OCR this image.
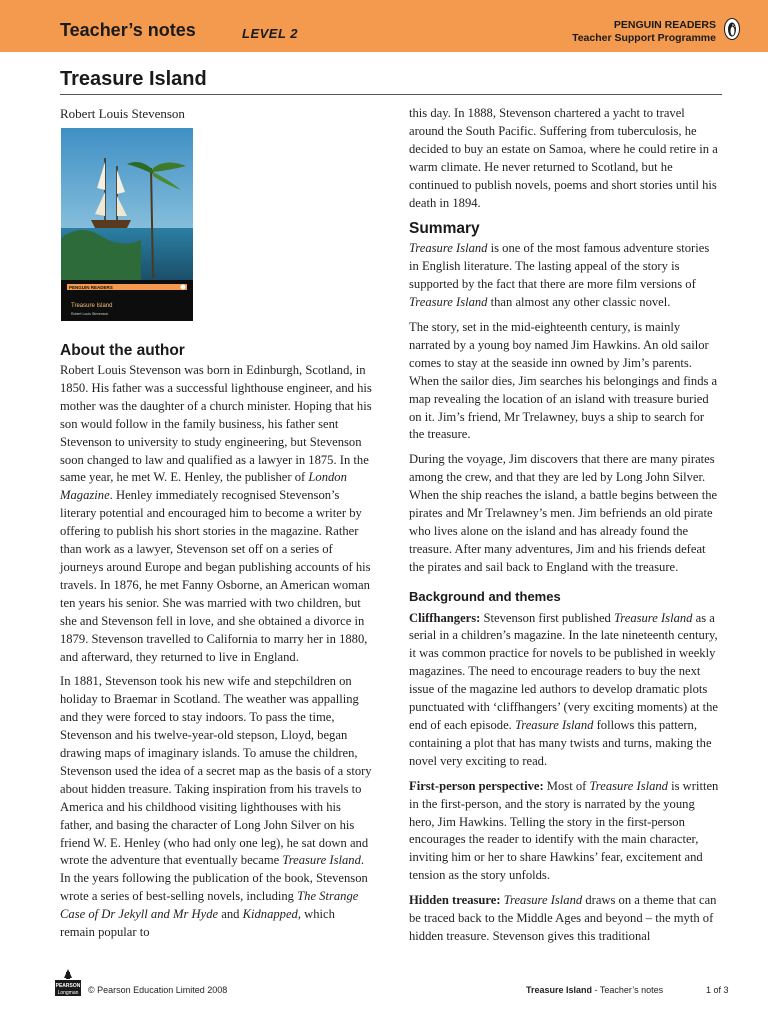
Teacher’s notes	LEVEL 2
PENGUIN READERS
Teacher Support Programme
Treasure Island
Robert Louis Stevenson
PENGUIN READERS
Treasure Island
Robert Louis Stevenson
About the author

Robert Louis Stevenson was born in Edinburgh, Scotland, in 1850. His father was a successful lighthouse engineer, and his mother was the daughter of a church minister. Hoping that his son would follow in the family business, his father sent Stevenson to university to study engineering, but Stevenson soon changed to law and qualified as a lawyer in 1875. In the same year, he met W. E. Henley, the publisher of London Magazine. Henley immediately recognised Stevenson’s literary potential and encouraged him to become a writer by offering to publish his short stories in the magazine. Rather than work as a lawyer, Stevenson set off on a series of journeys around Europe and began publishing accounts of his travels. In 1876, he met Fanny Osborne, an American woman ten years his senior. She was married with two children, but she and Stevenson fell in love, and she obtained a divorce in 1879. Stevenson travelled to California to marry her in 1880, and afterward, they returned to live in England.

In 1881, Stevenson took his new wife and stepchildren on holiday to Braemar in Scotland. The weather was appalling and they were forced to stay indoors. To pass the time, Stevenson and his twelve-year-old stepson, Lloyd, began drawing maps of imaginary islands. To amuse the children, Stevenson used the idea of a secret map as the basis of a story about hidden treasure. Taking inspiration from his travels to America and his childhood visiting lighthouses with his father, and basing the character of Long John Silver on his friend W. E. Henley (who had only one leg), he sat down and wrote the adventure that eventually became Treasure Island. In the years following the publication of the book, Stevenson wrote a series of best-selling novels, including The Strange Case of Dr Jekyll and Mr Hyde and Kidnapped, which remain popular to

this day. In 1888, Stevenson chartered a yacht to travel around the South Pacific. Suffering from tuberculosis, he decided to buy an estate on Samoa, where he could retire in a warm climate. He never returned to Scotland, but he continued to publish novels, poems and short stories until his death in 1894.

Summary

Treasure Island is one of the most famous adventure stories in English literature. The lasting appeal of the story is supported by the fact that there are more film versions of Treasure Island than almost any other classic novel.

The story, set in the mid-eighteenth century, is mainly narrated by a young boy named Jim Hawkins. An old sailor comes to stay at the seaside inn owned by Jim’s parents. When the sailor dies, Jim searches his belongings and finds a map revealing the location of an island with treasure buried on it. Jim’s friend, Mr Trelawney, buys a ship to search for the treasure.

During the voyage, Jim discovers that there are many pirates among the crew, and that they are led by Long John Silver. When the ship reaches the island, a battle begins between the pirates and Mr Trelawney’s men. Jim befriends an old pirate who lives alone on the island and has already found the treasure. After many adventures, Jim and his friends defeat the pirates and sail back to England with the treasure.

Background and themes

Cliffhangers: Stevenson first published Treasure Island as a serial in a children’s magazine. In the late nineteenth century, it was common practice for novels to be published in weekly magazines. The need to encourage readers to buy the next issue of the magazine led authors to develop dramatic plots punctuated with ‘cliffhangers’ (very exciting moments) at the end of each episode. Treasure Island follows this pattern, containing a plot that has many twists and turns, making the novel very exciting to read.

First-person perspective: Most of Treasure Island is written in the first-person, and the story is narrated by the young hero, Jim Hawkins. Telling the story in the first-person encourages the reader to identify with the main character, inviting him or her to share Hawkins’ fear, excitement and tension as the story unfolds.

Hidden treasure: Treasure Island draws on a theme that can be traced back to the Middle Ages and beyond – the myth of hidden treasure. Stevenson gives this traditional

PEARSON
Longman © Pearson Education Limited 2008	Treasure Island - Teacher’s notes	1 of 3
